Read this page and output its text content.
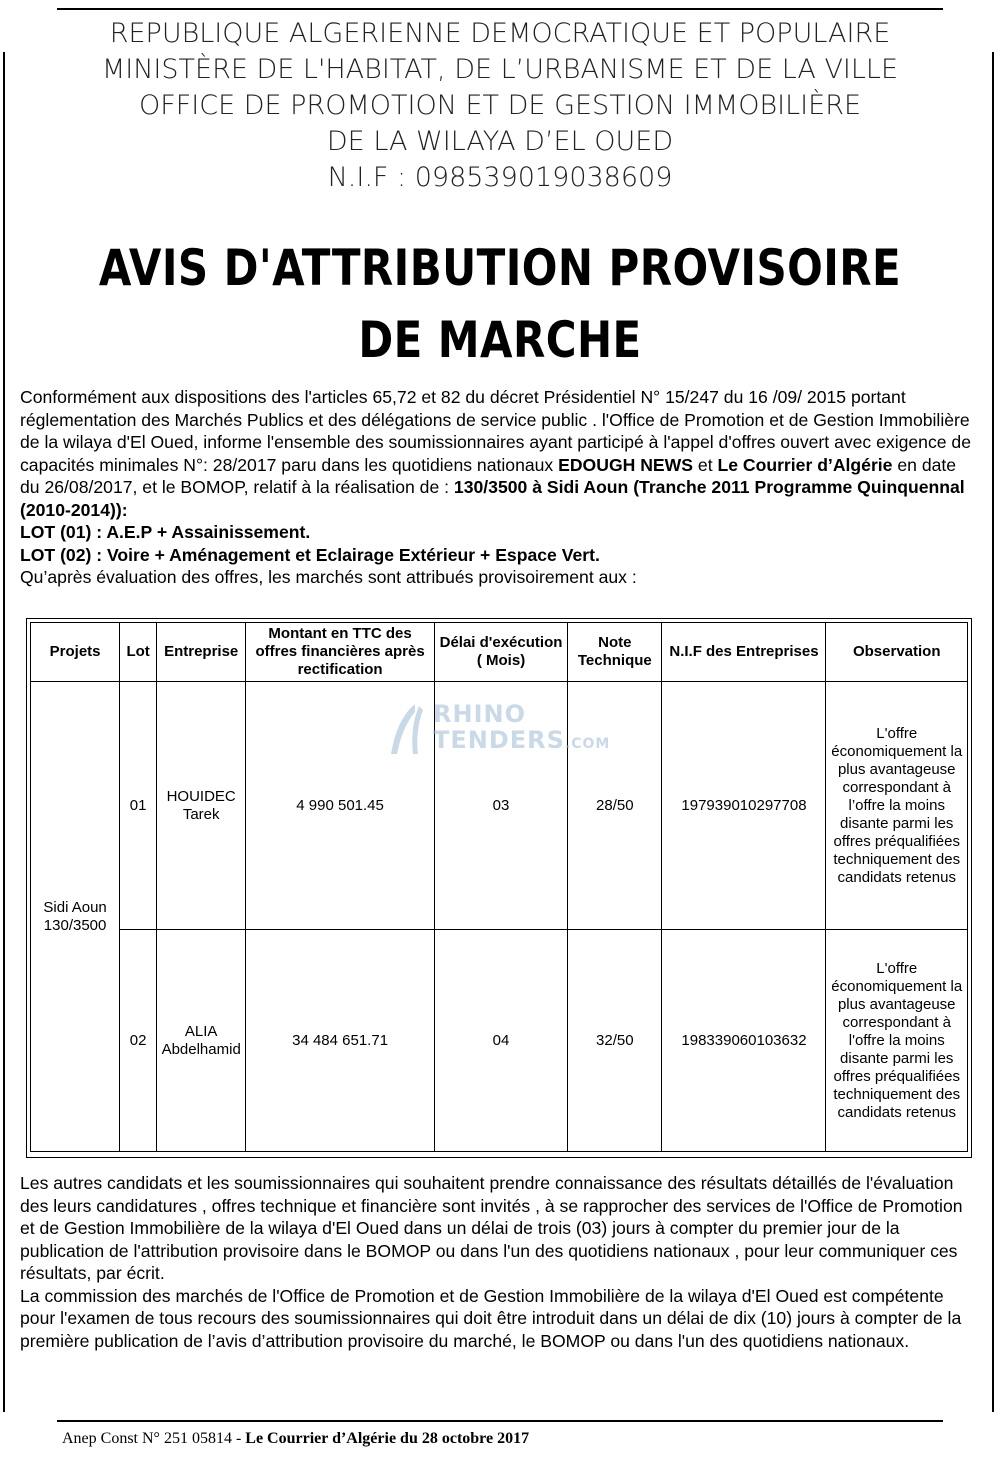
REPUBLIQUE ALGERIENNE DEMOCRATIQUE ET POPULAIRE
MINISTÈRE DE L'HABITAT, DE L’URBANISME ET DE LA VILLE
OFFICE DE PROMOTION ET DE GESTION IMMOBILIÈRE
DE LA WILAYA D’EL OUED
N.I.F : 098539019038609
AVIS D'ATTRIBUTION PROVISOIRE
DE MARCHE

Conformément aux dispositions des l'articles 65,72 et 82 du décret Présidentiel N° 15/247 du 16 /09/ 2015 portant réglementation des Marchés Publics et des délégations de service public . l'Office de Promotion et de Gestion Immobilière de la wilaya d'El Oued, informe l'ensemble des soumissionnaires ayant participé à l'appel d'offres ouvert avec exigence de capacités minimales N°: 28/2017 paru dans les quotidiens nationaux EDOUGH NEWS et Le Courrier d’Algérie en date du 26/08/2017, et le BOMOP, relatif à la réalisation de : 130/3500 à Sidi Aoun (Tranche 2011 Programme Quinquennal (2010-2014)):

LOT (01) : A.E.P + Assainissement.

LOT (02) : Voire + Aménagement et Eclairage Extérieur + Espace Vert.

Qu’après évaluation des offres, les marchés sont attribués provisoirement aux :

Projets	Lot	Entreprise	Montant en TTC des offres financières après rectification	Délai d'exécution ( Mois)	Note Technique	N.I.F des Entreprises	Observation
Sidi Aoun 130/3500	01	HOUIDEC Tarek	4 990 501.45	03	28/50	197939010297708	L'offre économiquement la plus avantageuse correspondant à l’offre la moins disante parmi les offres préqualifiées techniquement des candidats retenus
	02	ALIA Abdelhamid	34 484 651.71	04	32/50	198339060103632	L'offre économiquement la plus avantageuse correspondant à l'offre la moins disante parmi les offres préqualifiées techniquement des candidats retenus
RHINO
TENDERS.COM

Les autres candidats et les soumissionnaires qui souhaitent prendre connaissance des résultats détaillés de l'évaluation des leurs candidatures , offres technique et financière sont invités , à se rapprocher des services de l'Office de Promotion et de Gestion Immobilière de la wilaya d'El Oued dans un délai de trois (03) jours à compter du premier jour de la publication de l'attribution provisoire dans le BOMOP ou dans l'un des quotidiens nationaux , pour leur communiquer ces résultats, par écrit.

La commission des marchés de l'Office de Promotion et de Gestion Immobilière de la wilaya d'El Oued est compétente pour l'examen de tous recours des soumissionnaires qui doit être introduit dans un délai de dix (10) jours à compter de la première publication de l’avis d’attribution provisoire du marché, le BOMOP ou dans l'un des quotidiens nationaux.

Anep Const N° 251 05814 - Le Courrier d’Algérie du 28 octobre 2017
